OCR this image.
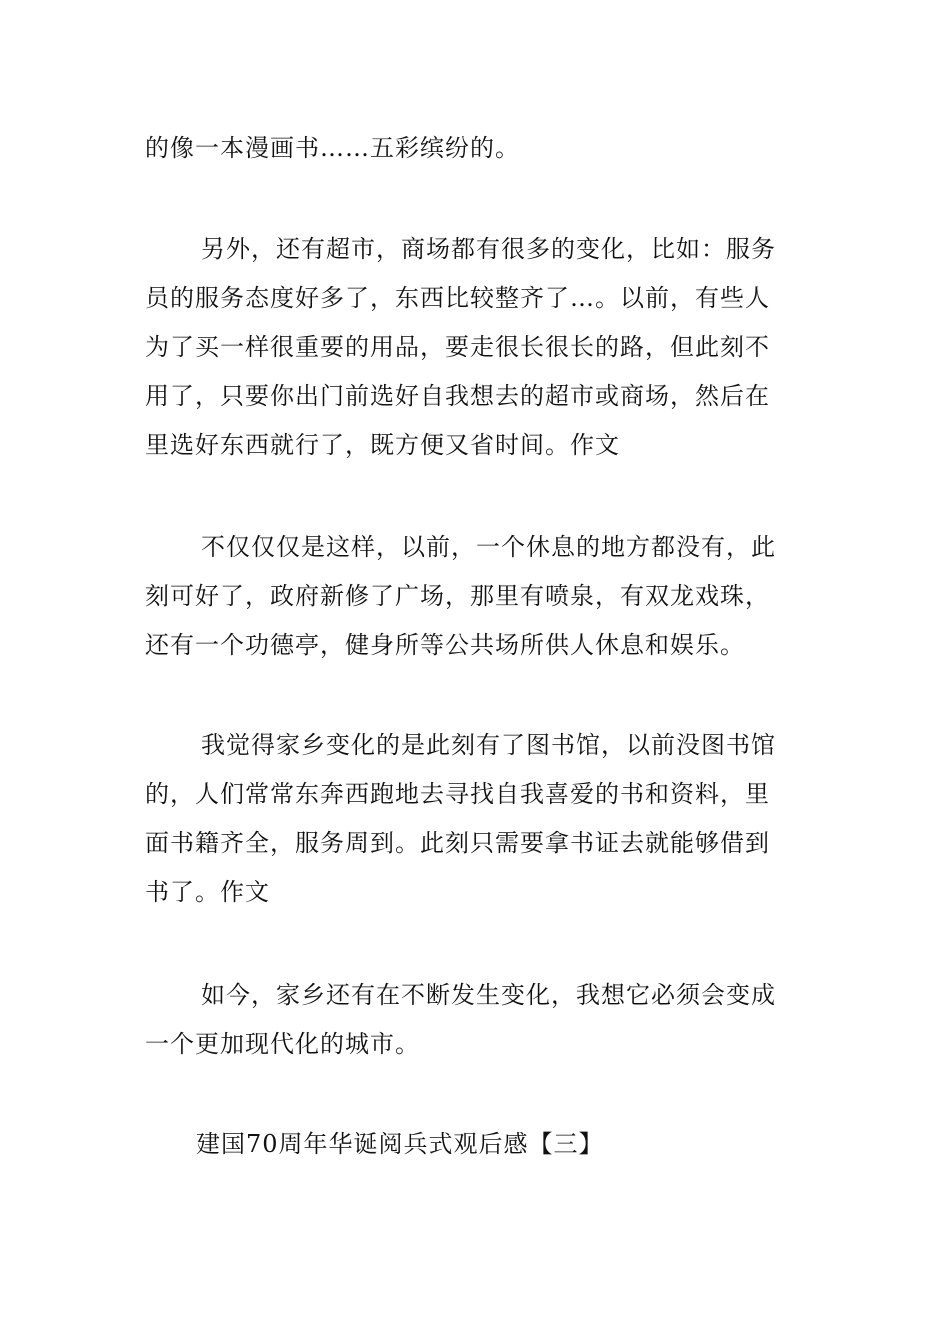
的像一本漫画书……五彩缤纷的。

另外，还有超市，商场都有很多的变化，比如：服务
员的服务态度好多了，东西比较整齐了…。以前，有些人
为了买一样很重要的用品，要走很长很长的路，但此刻不
用了，只要你出门前选好自我想去的超市或商场，然后在
里选好东西就行了，既方便又省时间。作文

不仅仅仅是这样，以前，一个休息的地方都没有，此
刻可好了，政府新修了广场，那里有喷泉，有双龙戏珠，
还有一个功德亭，健身所等公共场所供人休息和娱乐。

我觉得家乡变化的是此刻有了图书馆，以前没图书馆
的，人们常常东奔西跑地去寻找自我喜爱的书和资料，里
面书籍齐全，服务周到。此刻只需要拿书证去就能够借到
书了。作文

如今，家乡还有在不断发生变化，我想它必须会变成
一个更加现代化的城市。

建国70周年华诞阅兵式观后感【三】
